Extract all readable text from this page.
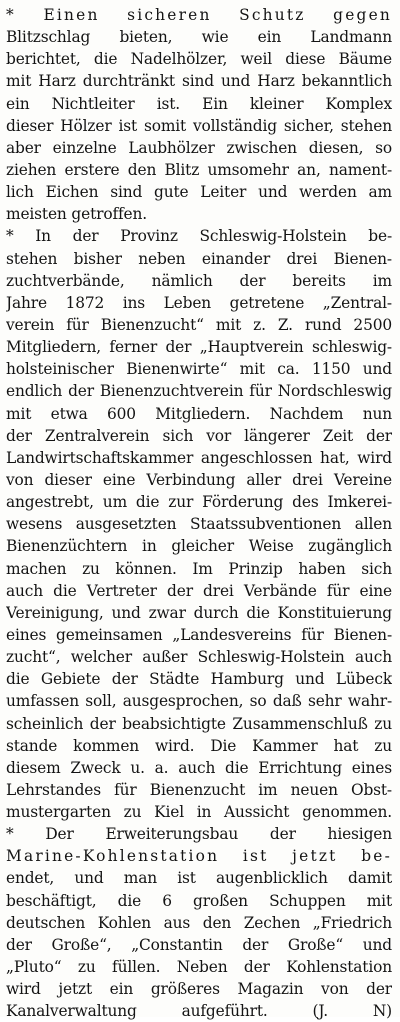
* Einen sicheren Schutz gegen
Blitzschlag bieten, wie ein Landmann
berichtet, die Nadelhölzer, weil diese Bäume
mit Harz durchtränkt sind und Harz bekanntlich
ein Nichtleiter ist. Ein kleiner Komplex
dieser Hölzer ist somit vollständig sicher, stehen
aber einzelne Laubhölzer zwischen diesen, so
ziehen erstere den Blitz umsomehr an, nament-
lich Eichen sind gute Leiter und werden am
meisten getroffen.
* In der Provinz Schleswig-Holstein be-
stehen bisher neben einander drei Bienen-
zuchtverbände, nämlich der bereits im
Jahre 1872 ins Leben getretene „Zentral-
verein für Bienenzucht“ mit z. Z. rund 2500
Mitgliedern, ferner der „Hauptverein schleswig-
holsteinischer Bienenwirte“ mit ca. 1150 und
endlich der Bienenzuchtverein für Nordschleswig
mit etwa 600 Mitgliedern. Nachdem nun
der Zentralverein sich vor längerer Zeit der
Landwirtschaftskammer angeschlossen hat, wird
von dieser eine Verbindung aller drei Vereine
angestrebt, um die zur Förderung des Imkerei-
wesens ausgesetzten Staatssubventionen allen
Bienenzüchtern in gleicher Weise zugänglich
machen zu können. Im Prinzip haben sich
auch die Vertreter der drei Verbände für eine
Vereinigung, und zwar durch die Konstituierung
eines gemeinsamen „Landesvereins für Bienen-
zucht“, welcher außer Schleswig-Holstein auch
die Gebiete der Städte Hamburg und Lübeck
umfassen soll, ausgesprochen, so daß sehr wahr-
scheinlich der beabsichtigte Zusammenschluß zu
stande kommen wird. Die Kammer hat zu
diesem Zweck u. a. auch die Errichtung eines
Lehrstandes für Bienenzucht im neuen Obst-
mustergarten zu Kiel in Aussicht genommen.
* Der Erweiterungsbau der hiesigen
Marine-Kohlenstation ist jetzt be-
endet, und man ist augenblicklich damit
beschäftigt, die 6 großen Schuppen mit
deutschen Kohlen aus den Zechen „Friedrich
der Große“, „Constantin der Große“ und
„Pluto“ zu füllen. Neben der Kohlenstation
wird jetzt ein größeres Magazin von der
Kanalverwaltung aufgeführt. (J. N)
